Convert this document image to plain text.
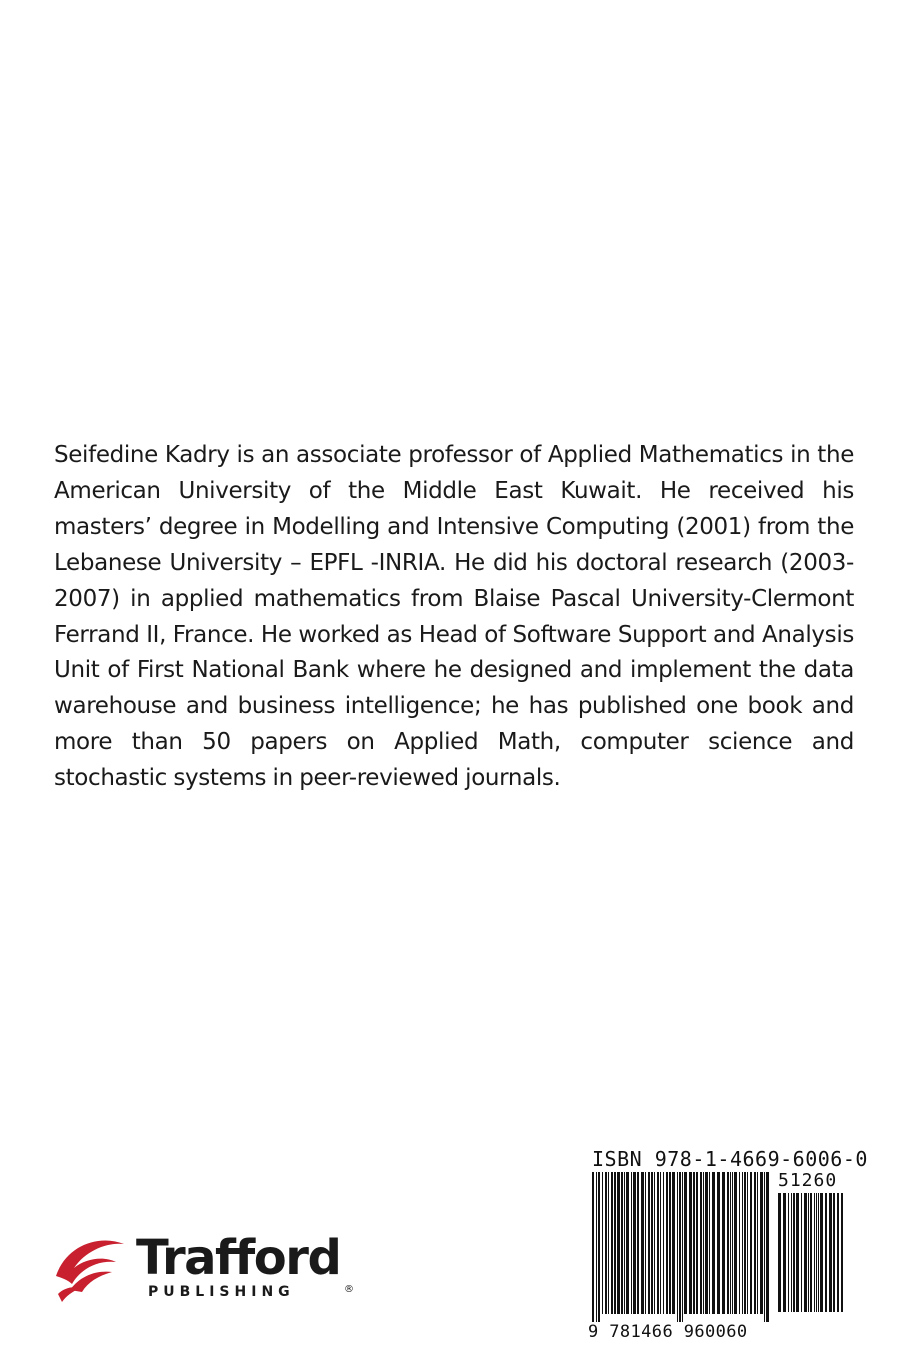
Seifedine Kadry is an associate professor of Applied Mathematics in the American University of the Middle East Kuwait. He received his masters’ degree in Modelling and Intensive Computing (2001) from the Lebanese University – EPFL -INRIA. He did his doctoral research (2003-2007) in applied mathematics from Blaise Pascal University-Clermont Ferrand II, France. He worked as Head of Software Support and Analysis Unit of First National Bank where he designed and implement the data warehouse and business intelligence; he has published one book and more than 50 papers on Applied Math, computer science and stochastic systems in peer-reviewed journals.

ISBN 978-1-4669-6006-0
51260
9 781466 960060
Trafford
PUBLISHING	®
